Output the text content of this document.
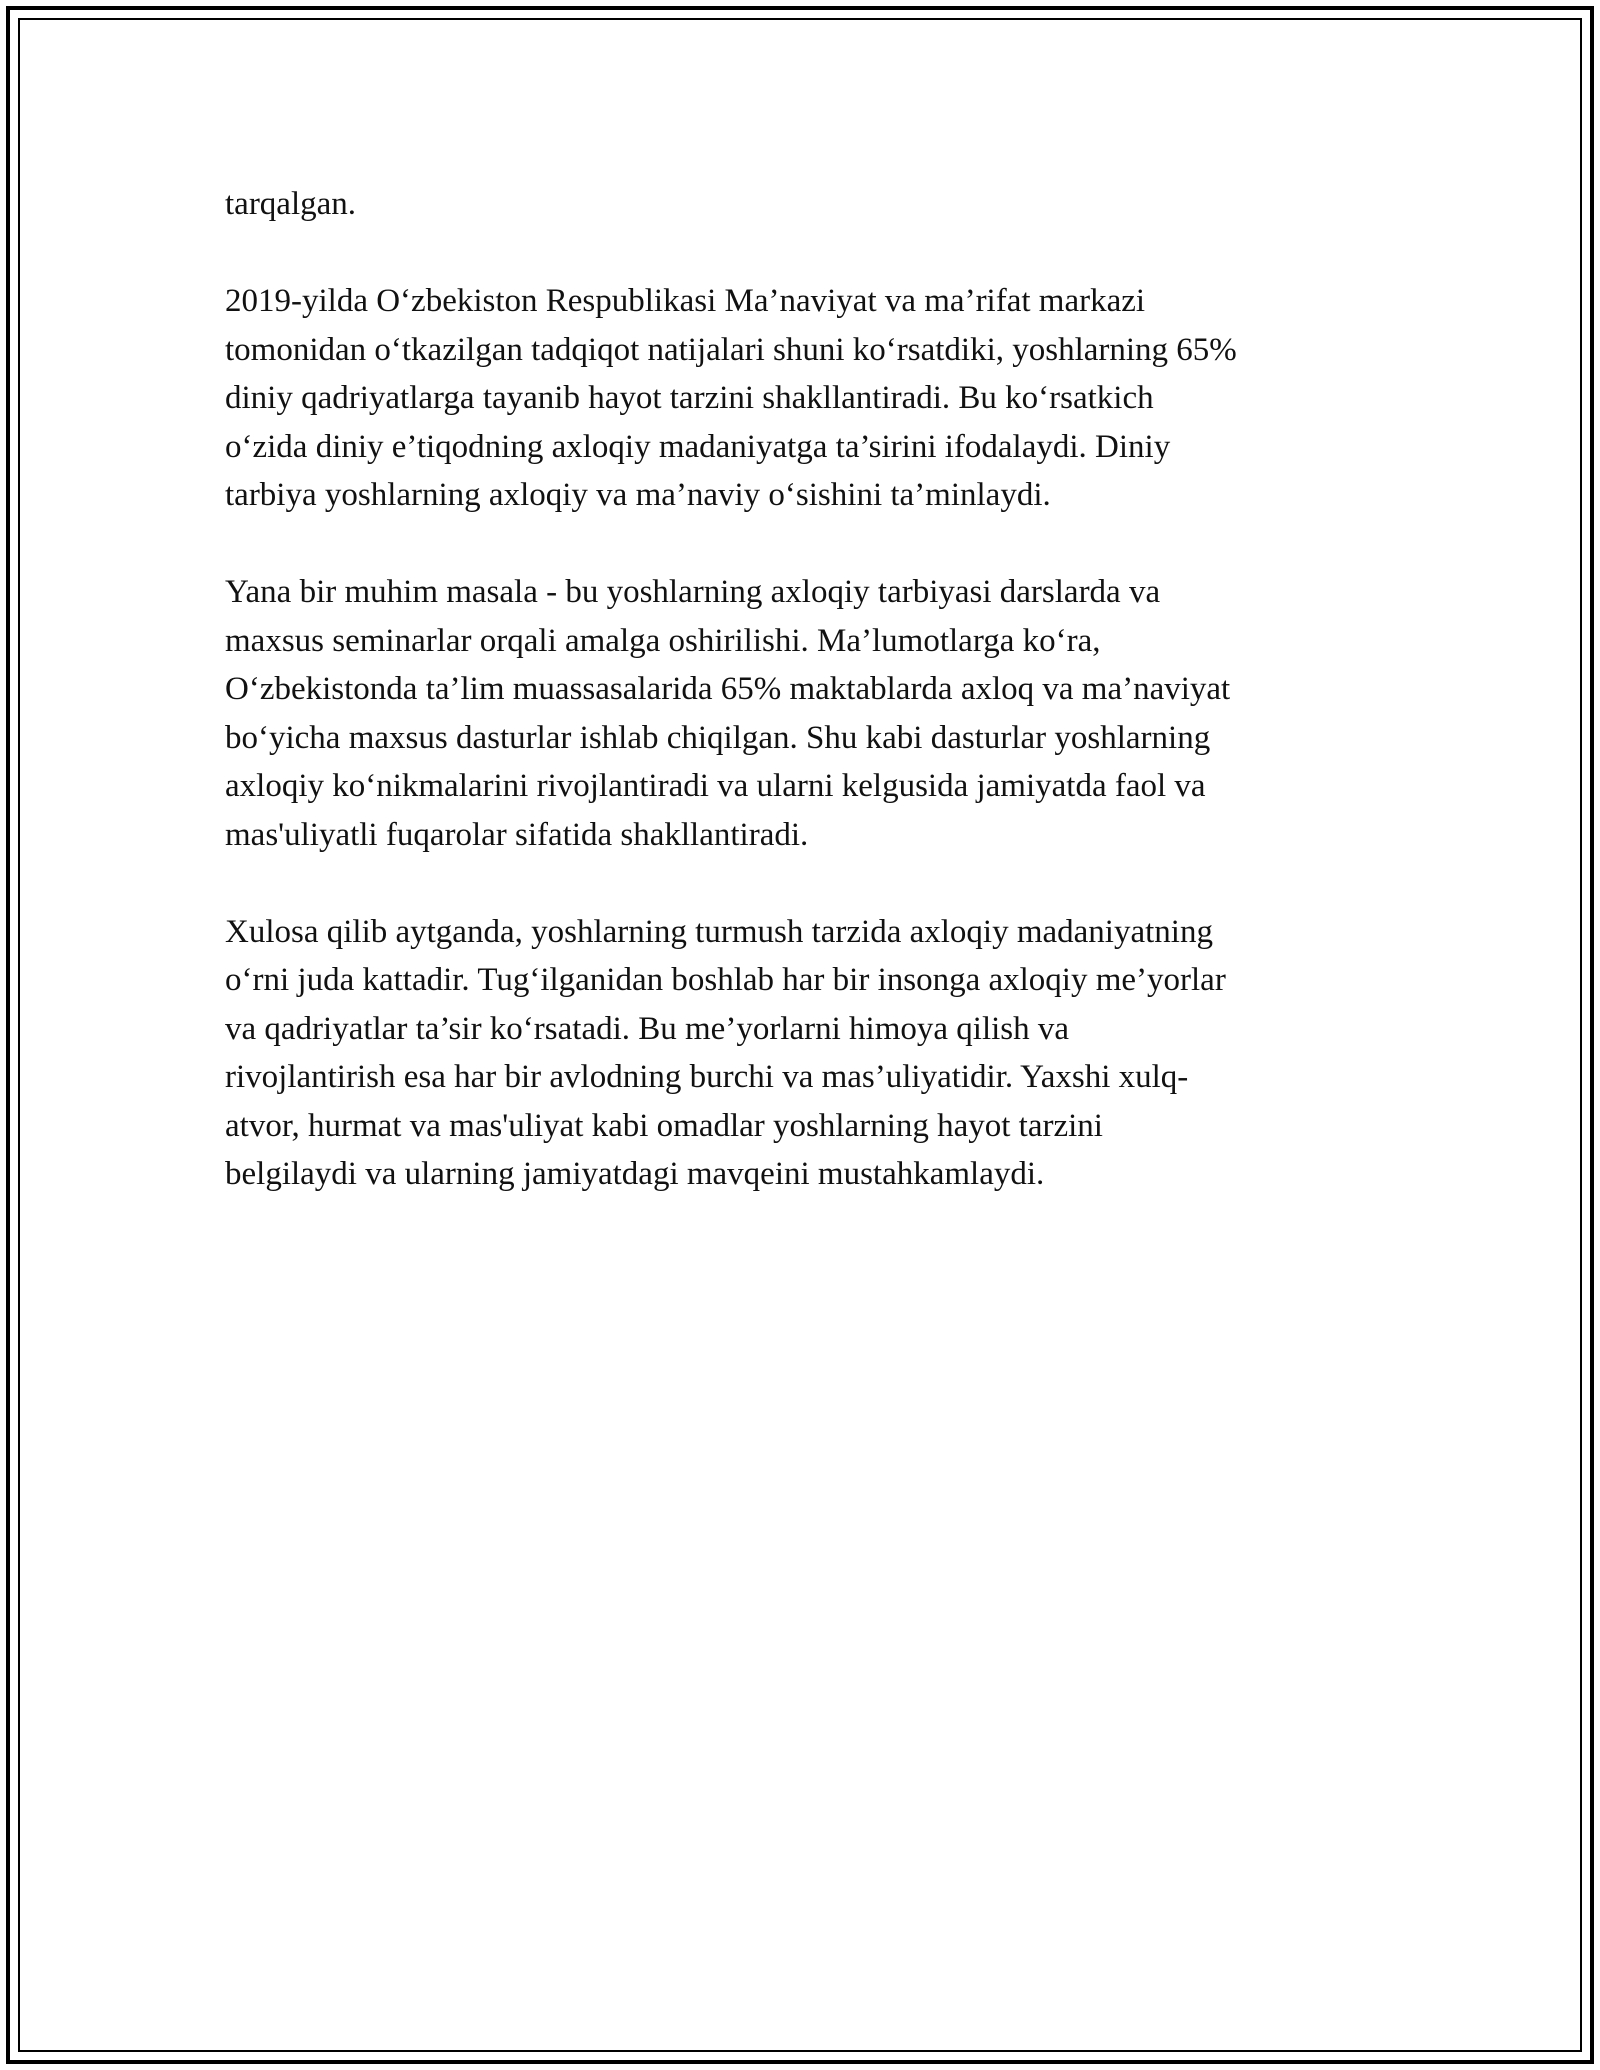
tarqalgan.

2019-yilda O‘zbekiston Respublikasi Ma’naviyat va ma’rifat markazi
tomonidan o‘tkazilgan tadqiqot natijalari shuni ko‘rsatdiki, yoshlarning 65%
diniy qadriyatlarga tayanib hayot tarzini shakllantiradi. Bu ko‘rsatkich
o‘zida diniy e’tiqodning axloqiy madaniyatga ta’sirini ifodalaydi. Diniy
tarbiya yoshlarning axloqiy va ma’naviy o‘sishini ta’minlaydi.

Yana bir muhim masala - bu yoshlarning axloqiy tarbiyasi darslarda va
maxsus seminarlar orqali amalga oshirilishi. Ma’lumotlarga ko‘ra,
O‘zbekistonda ta’lim muassasalarida 65% maktablarda axloq va ma’naviyat
bo‘yicha maxsus dasturlar ishlab chiqilgan. Shu kabi dasturlar yoshlarning
axloqiy ko‘nikmalarini rivojlantiradi va ularni kelgusida jamiyatda faol va
mas'uliyatli fuqarolar sifatida shakllantiradi.

Xulosa qilib aytganda, yoshlarning turmush tarzida axloqiy madaniyatning
o‘rni juda kattadir. Tug‘ilganidan boshlab har bir insonga axloqiy me’yorlar
va qadriyatlar ta’sir ko‘rsatadi. Bu me’yorlarni himoya qilish va
rivojlantirish esa har bir avlodning burchi va mas’uliyatidir. Yaxshi xulq-
atvor, hurmat va mas'uliyat kabi omadlar yoshlarning hayot tarzini
belgilaydi va ularning jamiyatdagi mavqeini mustahkamlaydi.
